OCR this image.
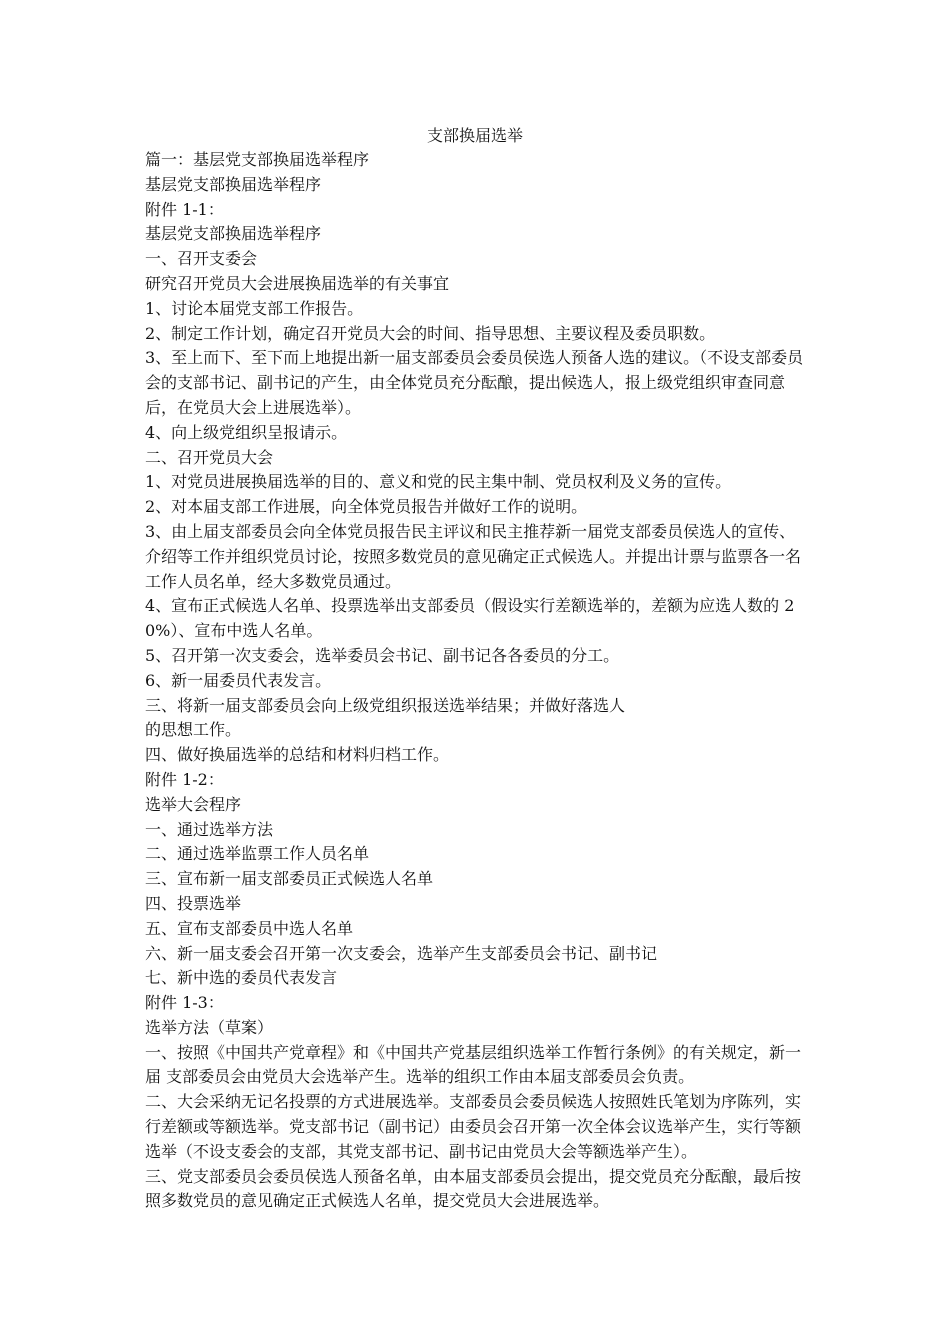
支部换届选举

篇一：基层党支部换届选举程序

基层党支部换届选举程序

附件 1-1：

基层党支部换届选举程序

一、召开支委会

研究召开党员大会进展换届选举的有关事宜

1、讨论本届党支部工作报告。

2、制定工作计划，确定召开党员大会的时间、指导思想、主要议程及委员职数。

3、至上而下、至下而上地提出新一届支部委员会委员侯选人预备人选的建议。（不设支部委员会的支部书记、副书记的产生，由全体党员充分酝酿，提出候选人，报上级党组织审查同意后，在党员大会上进展选举）。

4、向上级党组织呈报请示。

二、召开党员大会

1、对党员进展换届选举的目的、意义和党的民主集中制、党员权利及义务的宣传。

2、对本届支部工作进展，向全体党员报告并做好工作的说明。

3、由上届支部委员会向全体党员报告民主评议和民主推荐新一届党支部委员侯选人的宣传、介绍等工作并组织党员讨论，按照多数党员的意见确定正式候选人。并提出计票与监票各一名工作人员名单，经大多数党员通过。

4、宣布正式候选人名单、投票选举出支部委员（假设实行差额选举的，差额为应选人数的 20%）、宣布中选人名单。

5、召开第一次支委会，选举委员会书记、副书记各各委员的分工。

6、新一届委员代表发言。

三、将新一届支部委员会向上级党组织报送选举结果；并做好落选人

的思想工作。

四、做好换届选举的总结和材料归档工作。

附件 1-2：

选举大会程序

一、通过选举方法

二、通过选举监票工作人员名单

三、宣布新一届支部委员正式候选人名单

四、投票选举

五、宣布支部委员中选人名单

六、新一届支委会召开第一次支委会，选举产生支部委员会书记、副书记

七、新中选的委员代表发言

附件 1-3：

选举方法（草案）

一、按照《中国共产党章程》和《中国共产党基层组织选举工作暂行条例》的有关规定，新一届 支部委员会由党员大会选举产生。选举的组织工作由本届支部委员会负责。

二、大会采纳无记名投票的方式进展选举。支部委员会委员候选人按照姓氏笔划为序陈列，实行差额或等额选举。党支部书记（副书记）由委员会召开第一次全体会议选举产生，实行等额选举（不设支委会的支部，其党支部书记、副书记由党员大会等额选举产生）。

三、党支部委员会委员侯选人预备名单，由本届支部委员会提出，提交党员充分酝酿，最后按照多数党员的意见确定正式候选人名单，提交党员大会进展选举。
